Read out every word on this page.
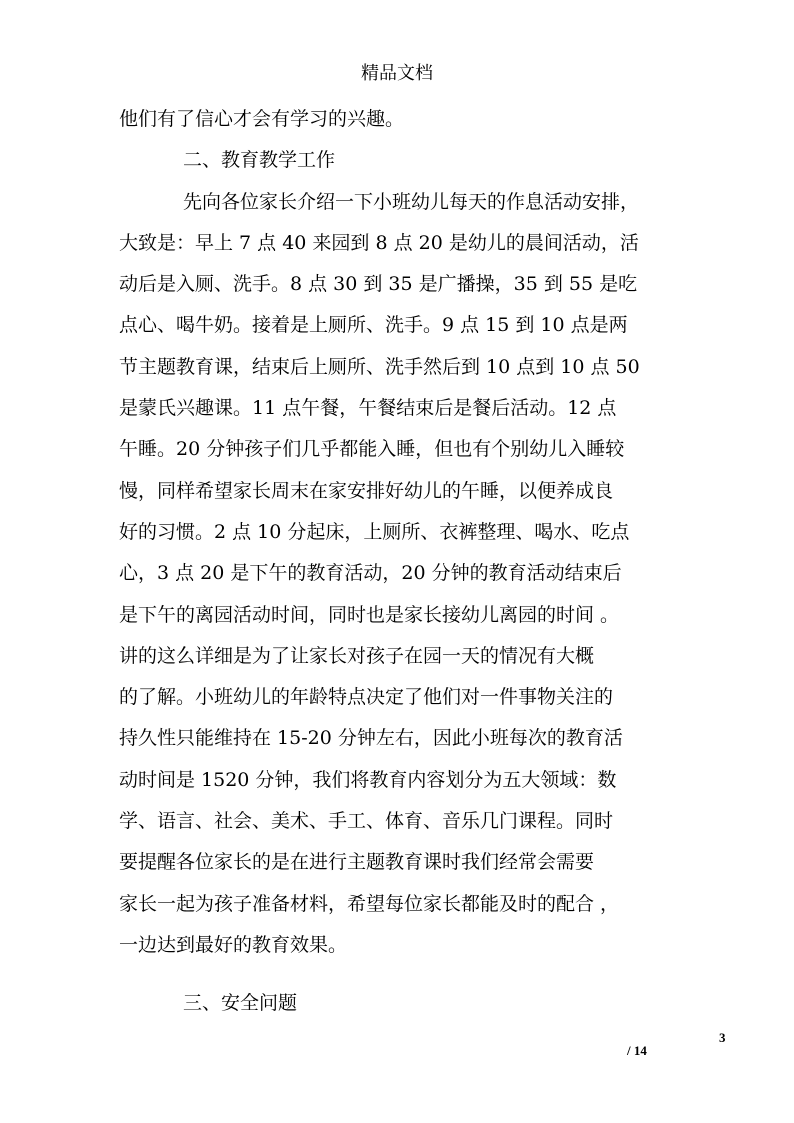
精品文档
他们有了信心才会有学习的兴趣。
二、教育教学工作
先向各位家长介绍一下小班幼儿每天的作息活动安排，
大致是：早上 7 点 40 来园到 8 点 20 是幼儿的晨间活动，活
动后是入厕、洗手。8 点 30 到 35 是广播操，35 到 55 是吃
点心、喝牛奶。接着是上厕所、洗手。9 点 15 到 10 点是两
节主题教育课，结束后上厕所、洗手然后到 10 点到 10 点 50
是蒙氏兴趣课。11 点午餐，午餐结束后是餐后活动。12 点
午睡。20 分钟孩子们几乎都能入睡，但也有个别幼儿入睡较
慢，同样希望家长周末在家安排好幼儿的午睡，以便养成良
好的习惯。2 点 10 分起床，上厕所、衣裤整理、喝水、吃点
心，3 点 20 是下午的教育活动，20 分钟的教育活动结束后
是下午的离园活动时间，同时也是家长接幼儿离园的时间 。
讲的这么详细是为了让家长对孩子在园一天的情况有大概
的了解。小班幼儿的年龄特点决定了他们对一件事物关注的
持久性只能维持在 15-20 分钟左右，因此小班每次的教育活
动时间是 1520 分钟，我们将教育内容划分为五大领域：数
学、语言、社会、美术、手工、体育、音乐几门课程。同时
要提醒各位家长的是在进行主题教育课时我们经常会需要
家长一起为孩子准备材料，希望每位家长都能及时的配合 ，
一边达到最好的教育效果。
三、安全问题
3
/ 14
